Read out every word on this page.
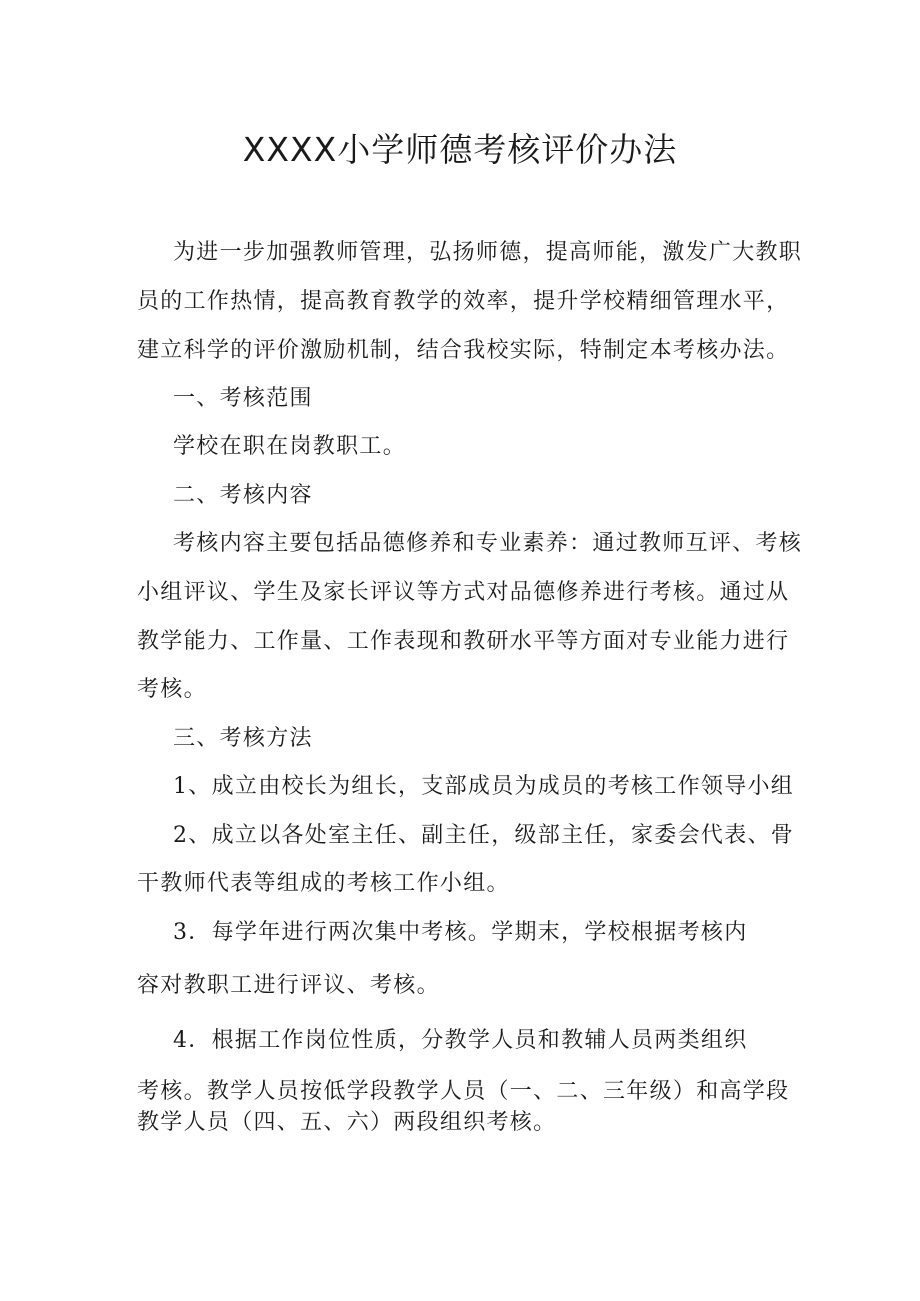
XXXX小学师德考核评价办法
为进一步加强教师管理，弘扬师德，提高师能，激发广大教职
员的工作热情，提高教育教学的效率，提升学校精细管理水平，
建立科学的评价激励机制，结合我校实际，特制定本考核办法。
一、考核范围
学校在职在岗教职工。
二、考核内容
考核内容主要包括品德修养和专业素养：通过教师互评、考核
小组评议、学生及家长评议等方式对品德修养进行考核。通过从
教学能力、工作量、工作表现和教研水平等方面对专业能力进行
考核。
三、考核方法
1、成立由校长为组长，支部成员为成员的考核工作领导小组
2、成立以各处室主任、副主任，级部主任，家委会代表、骨
干教师代表等组成的考核工作小组。
3．每学年进行两次集中考核。学期末，学校根据考核内
容对教职工进行评议、考核。
4．根据工作岗位性质，分教学人员和教辅人员两类组织
考核。教学人员按低学段教学人员（一、二、三年级）和高学段
教学人员（四、五、六）两段组织考核。
